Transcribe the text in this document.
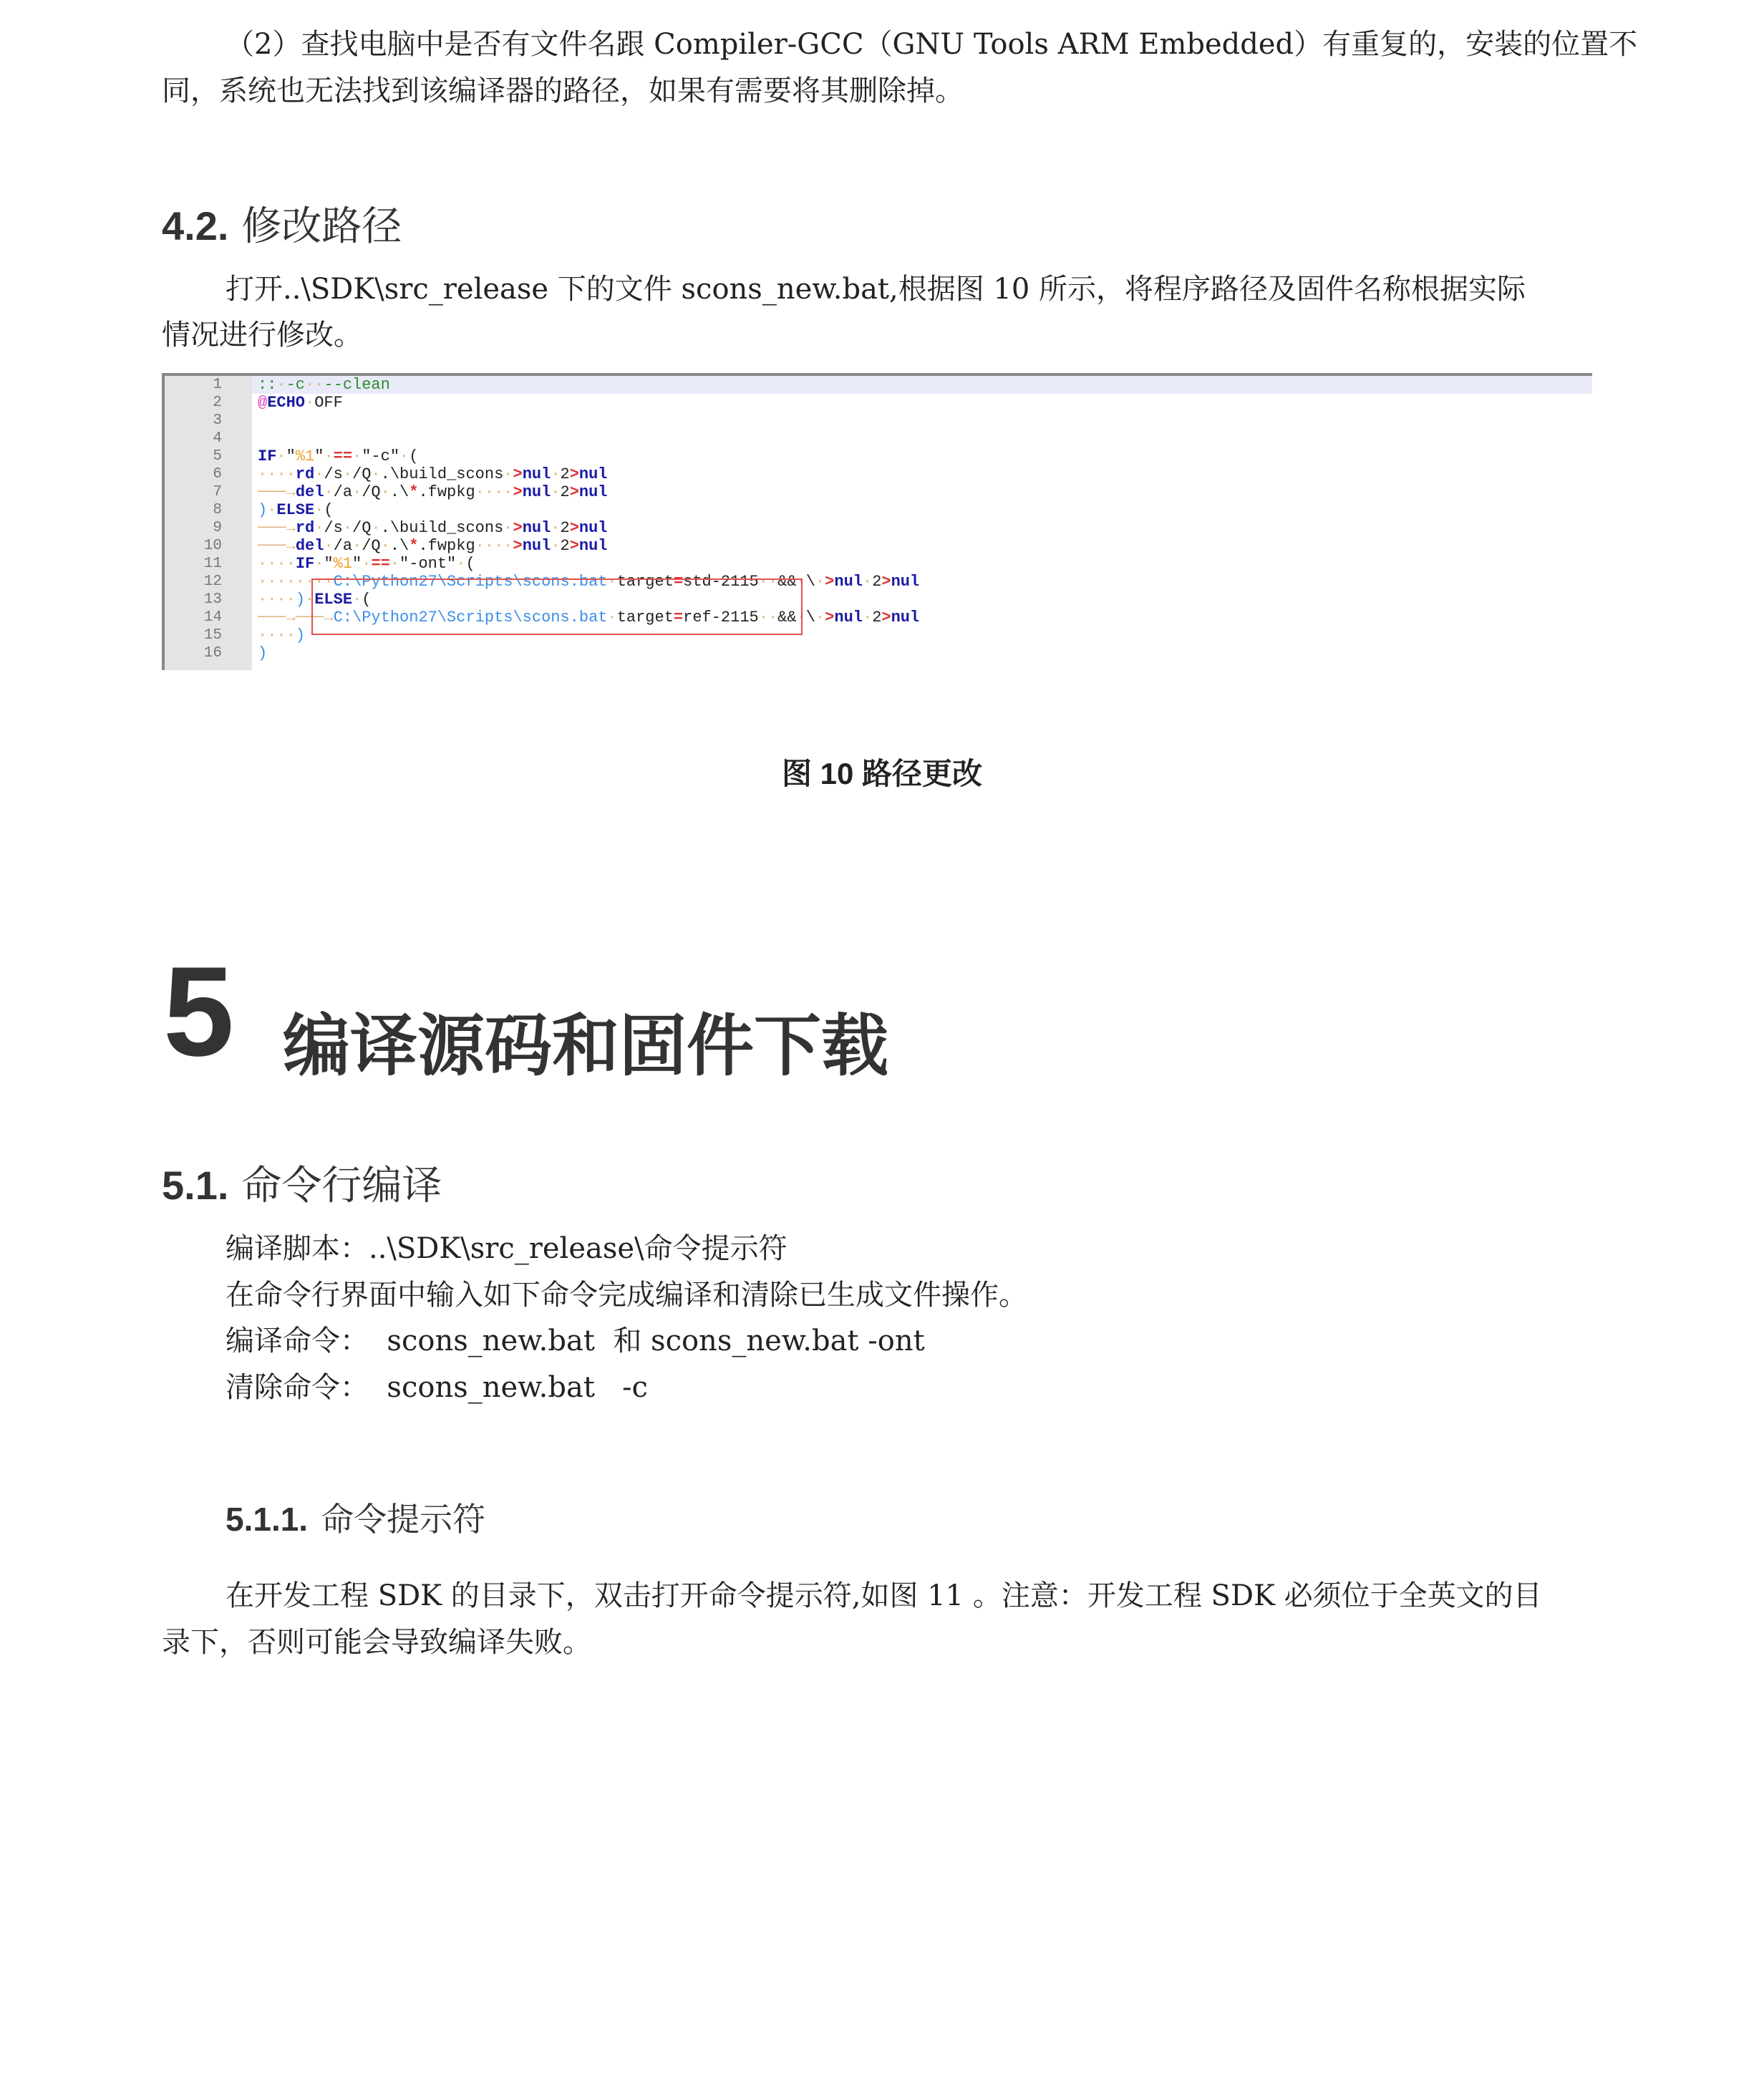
（2）查找电脑中是否有文件名跟 Compiler-GCC（GNU Tools ARM Embedded）有重复的，安装的位置不
同，系统也无法找到该编译器的路径，如果有需要将其删除掉。
4.2. 修改路径
打开..\SDK\src_release 下的文件 scons_new.bat,根据图 10 所示，将程序路径及固件名称根据实际
情况进行修改。
1
2
3
4
5
6
7
8
9
10
11
12
13
14
15
16
::·-c··--clean
@ECHO·OFF
IF·"%1"·==·"-c"·(
····rd·/s·/Q·.\build_scons·>nul·2>nul
───→del·/a·/Q·.\*.fwpkg····>nul·2>nul
)·ELSE·(
───→rd·/s·/Q·.\build_scons·>nul·2>nul
───→del·/a·/Q·.\*.fwpkg····>nul·2>nul
····IF·"%1"·==·"-ont"·(
········C:\Python27\Scripts\scons.bat·target=std-2115··&&·\·>nul·2>nul
····)·ELSE·(
───→───→C:\Python27\Scripts\scons.bat·target=ref-2115··&&·\·>nul·2>nul
····)
)
图 10 路径更改
5 编译源码和固件下载
5.1. 命令行编译
编译脚本：..\SDK\src_release\命令提示符
在命令行界面中输入如下命令完成编译和清除已生成文件操作。
编译命令：  scons_new.bat  和 scons_new.bat -ont
清除命令：  scons_new.bat   -c
5.1.1. 命令提示符
在开发工程 SDK 的目录下，双击打开命令提示符,如图 11 。注意：开发工程 SDK 必须位于全英文的目
录下，否则可能会导致编译失败。
